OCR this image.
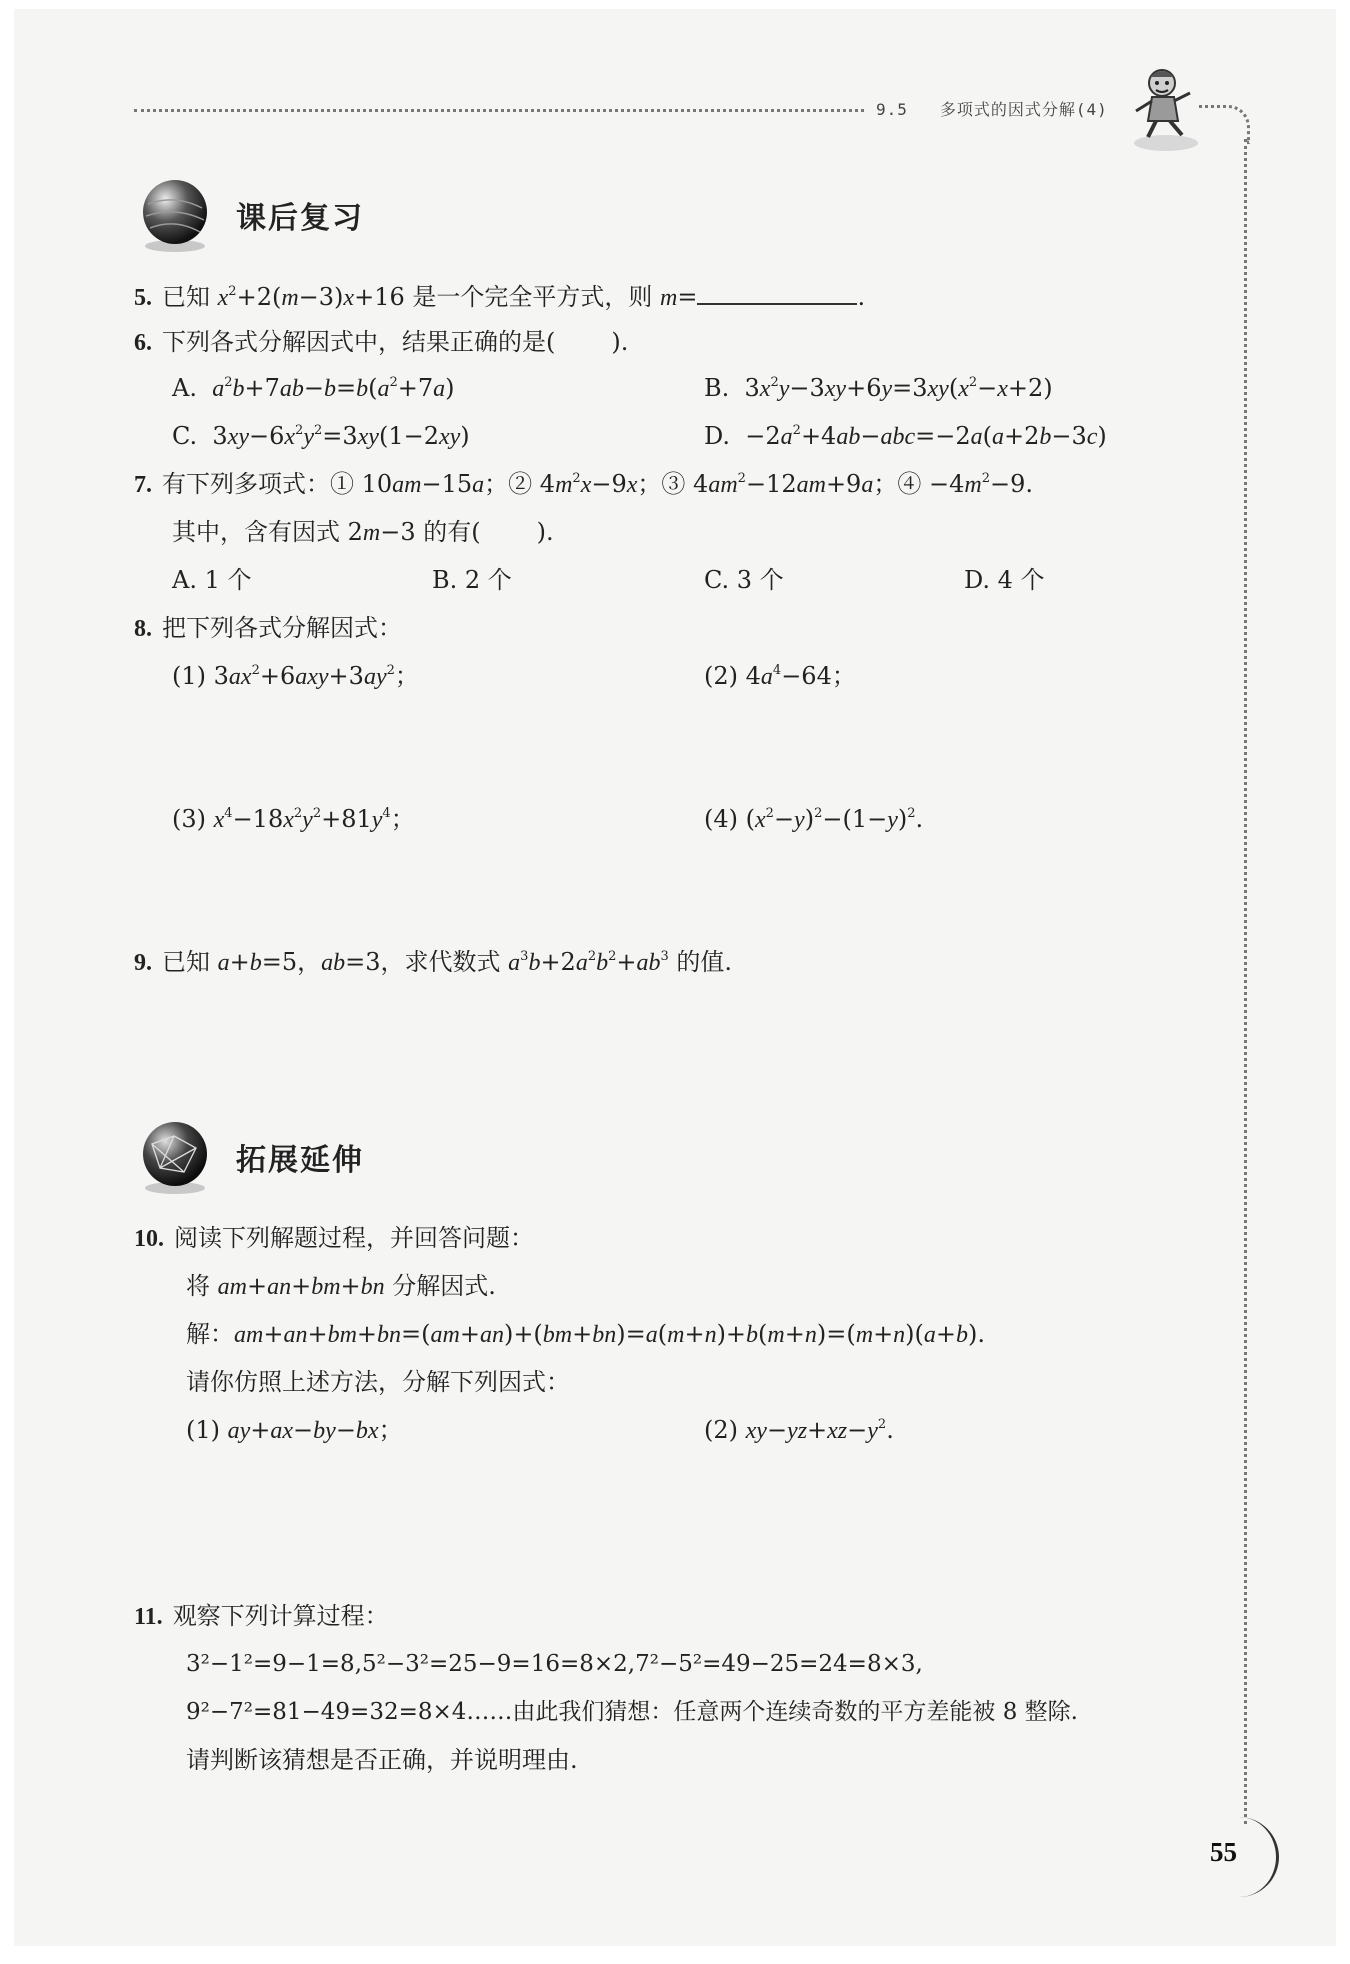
9.5 多项式的因式分解(4)
课后复习
5. 已知 $x^2+2(m-3)x+16$ 是一个完全平方式，则 m=	.
6. 下列各式分解因式中，结果正确的是( ).
A.  $a^2b+7ab-b=b(a^2+7a)$	B.  $3x^2y-3xy+6y=3xy(x^2-x+2)$
C.  $3xy-6x^2y^2=3xy(1-2xy)$	D.  $-2a^2+4ab-abc=-2a(a+2b-3c)$
7. 有下列多项式：① 10am−15a；② $4m^2x-9x$；③ $4am^2-12am+9a$；④ $-4m^2-9$.
其中，含有因式 2m−3 的有( ).
A. 1 个	B. 2 个	C. 3 个	D. 4 个
8. 把下列各式分解因式：
(1) $3ax^2+6axy+3ay^2$；	(2) $4a^4-64$；
(3) $x^4-18x^2y^2+81y^4$；	(4) $(x^2-y)^2-(1-y)^2$.
9. 已知 a+b=5，ab=3，求代数式 $a^3b+2a^2b^2+ab^3$ 的值.
拓展延伸
10. 阅读下列解题过程，并回答问题：
将 am+an+bm+bn 分解因式.
解：am+an+bm+bn=(am+an)+(bm+bn)=a(m+n)+b(m+n)=(m+n)(a+b).
请你仿照上述方法，分解下列因式：
(1) ay+ax−by−bx；	(2) $xy-yz+xz-y^2$.
11. 观察下列计算过程：
3²−1²=9−1=8,5²−3²=25−9=16=8×2,7²−5²=49−25=24=8×3,
9²−7²=81−49=32=8×4……由此我们猜想：任意两个连续奇数的平方差能被 8 整除.
请判断该猜想是否正确，并说明理由.
55
